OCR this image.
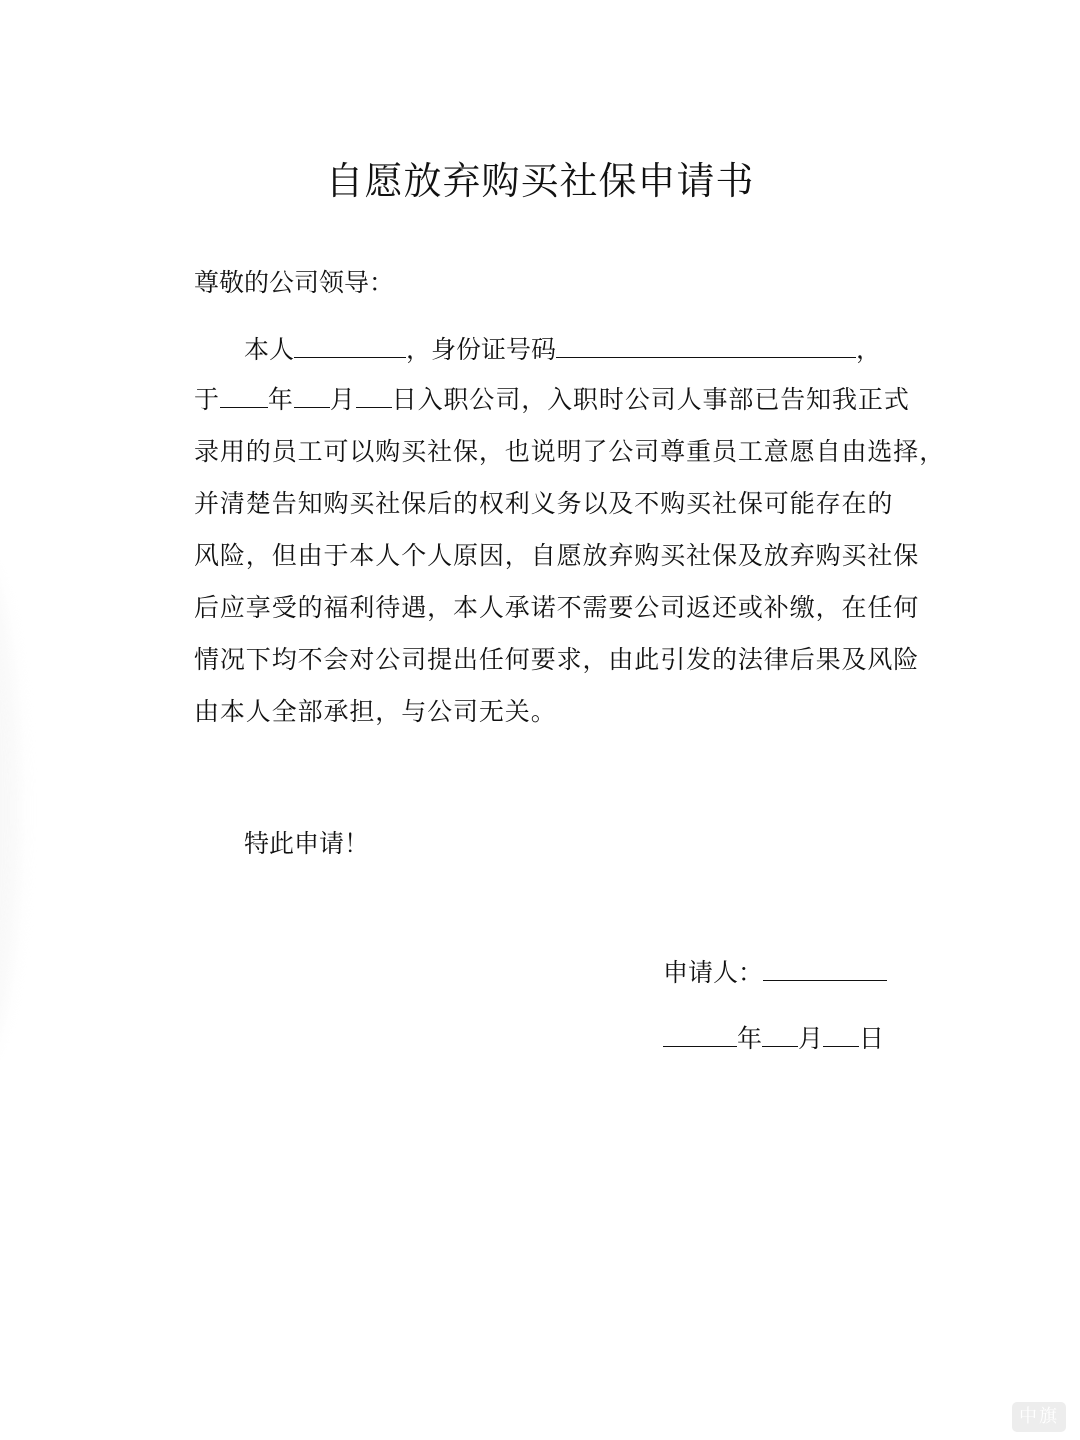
自愿放弃购买社保申请书
尊敬的公司领导：
本人	，身份证号码	，
于 年 月 日入职公司，入职时公司人事部已告知我正式
录用的员工可以购买社保，也说明了公司尊重员工意愿自由选择，
并清楚告知购买社保后的权利义务以及不购买社保可能存在的
风险，但由于本人个人原因，自愿放弃购买社保及放弃购买社保
后应享受的福利待遇，本人承诺不需要公司返还或补缴，在任何
情况下均不会对公司提出任何要求，由此引发的法律后果及风险
由本人全部承担，与公司无关。
特此申请！
申请人：
年 月 日
中旗
